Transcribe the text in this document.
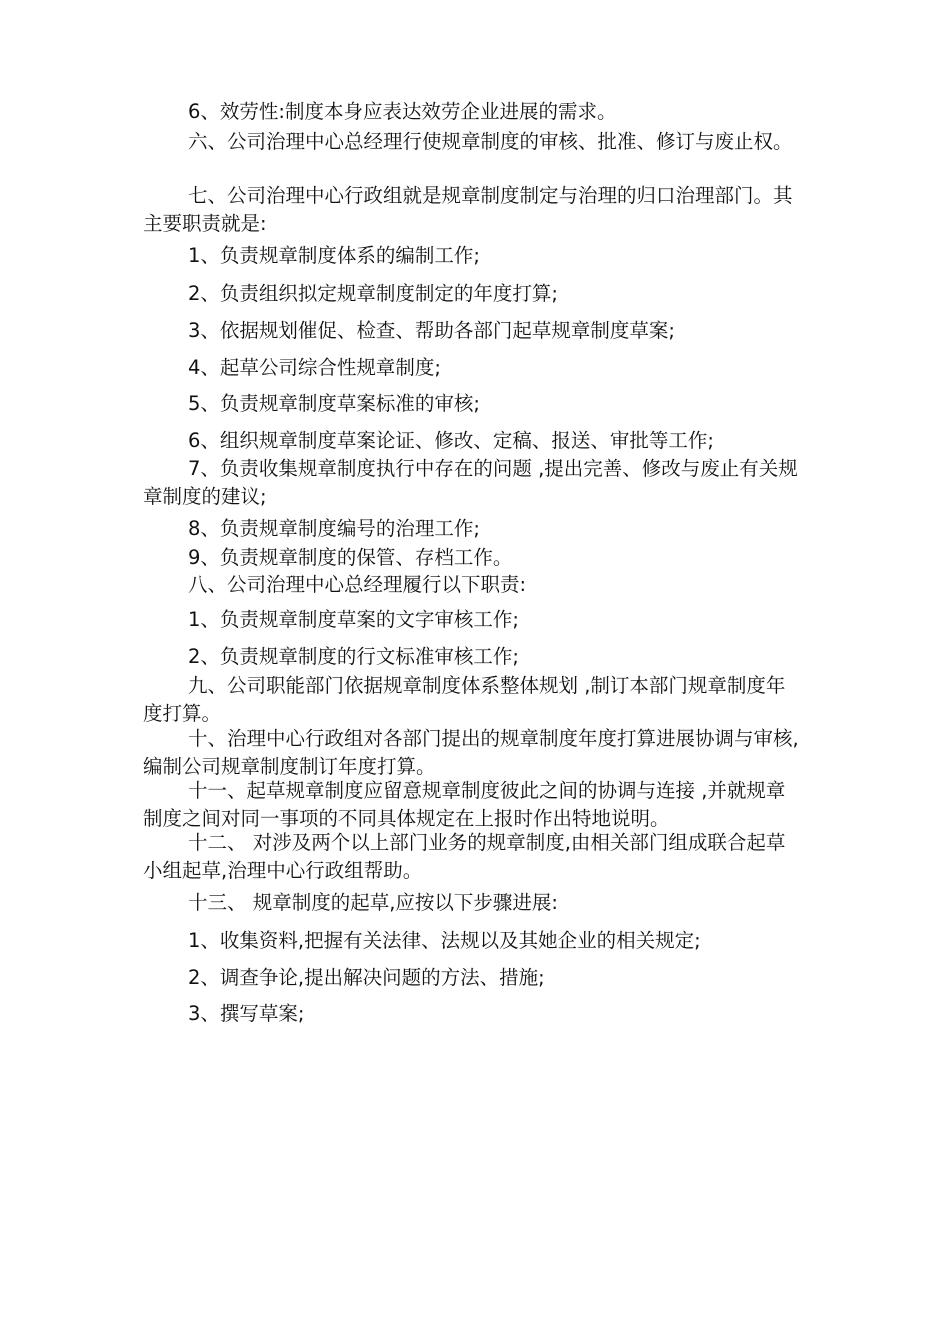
6、效劳性:制度本身应表达效劳企业进展的需求。

六、公司治理中心总经理行使规章制度的审核、批准、修订与废止权。

七、公司治理中心行政组就是规章制度制定与治理的归口治理部门。其主要职责就是:

1、负责规章制度体系的编制工作;

2、负责组织拟定规章制度制定的年度打算;

3、依据规划催促、检查、帮助各部门起草规章制度草案;

4、起草公司综合性规章制度;

5、负责规章制度草案标准的审核;

6、组织规章制度草案论证、修改、定稿、报送、审批等工作;

7、负责收集规章制度执行中存在的问题 ,提出完善、修改与废止有关规章制度的建议;

8、负责规章制度编号的治理工作;

9、负责规章制度的保管、存档工作。

八、公司治理中心总经理履行以下职责:

1、负责规章制度草案的文字审核工作;

2、负责规章制度的行文标准审核工作;

九、公司职能部门依据规章制度体系整体规划 ,制订本部门规章制度年度打算。

十、治理中心行政组对各部门提出的规章制度年度打算进展协调与审核,编制公司规章制度制订年度打算。

十一、起草规章制度应留意规章制度彼此之间的协调与连接 ,并就规章制度之间对同一事项的不同具体规定在上报时作出特地说明。

十二、 对涉及两个以上部门业务的规章制度,由相关部门组成联合起草小组起草,治理中心行政组帮助。

十三、 规章制度的起草,应按以下步骤进展:

1、收集资料,把握有关法律、法规以及其她企业的相关规定;

2、调查争论,提出解决问题的方法、措施;

3、撰写草案;
